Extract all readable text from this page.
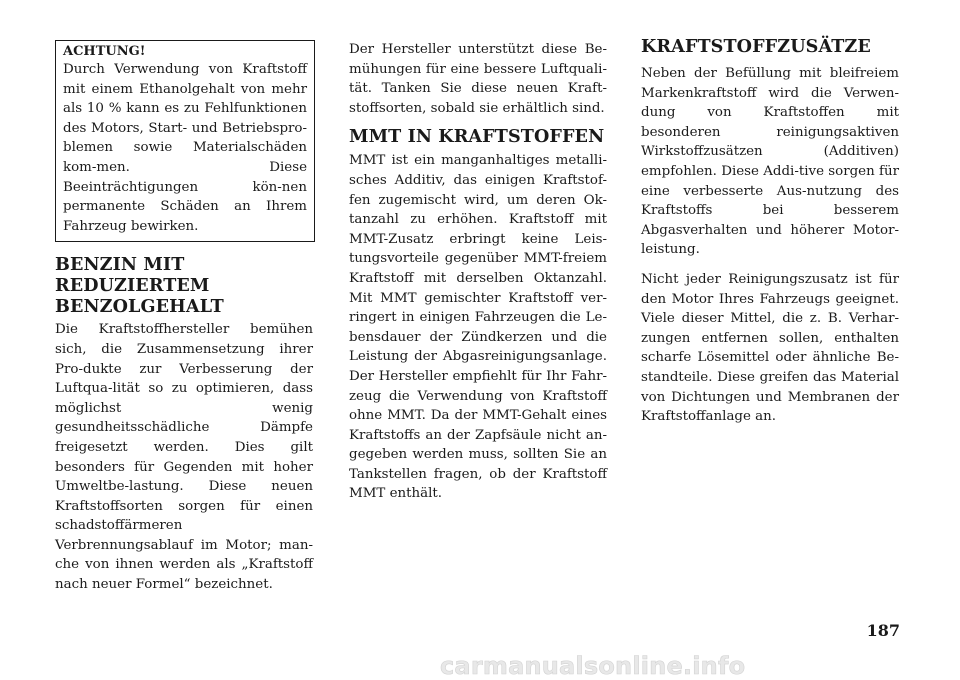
ACHTUNG!
Durch Verwendung von Kraftstoff mit einem Ethanolgehalt von mehr als 10 % kann es zu Fehlfunktionen des Motors, Start- und Betriebspro-blemen sowie Materialschäden kom-men. Diese Beeinträchtigungen kön-nen permanente Schäden an Ihrem Fahrzeug bewirken.
BENZIN MIT REDUZIERTEM BENZOLGEHALT

Die Kraftstoffhersteller bemühen sich, die Zusammensetzung ihrer Pro-dukte zur Verbesserung der Luftqua-lität so zu optimieren, dass möglichst wenig gesundheitsschädliche Dämpfe freigesetzt werden. Dies gilt besonders für Gegenden mit hoher Umweltbe-lastung. Diese neuen Kraftstoffsorten sorgen für einen schadstoffärmeren Verbrennungsablauf im Motor; man-che von ihnen werden als „Kraftstoff nach neuer Formel“ bezeichnet.

Der Hersteller unterstützt diese Be-mühungen für eine bessere Luftquali-tät. Tanken Sie diese neuen Kraft-stoffsorten, sobald sie erhältlich sind.

MMT IN KRAFTSTOFFEN

MMT ist ein manganhaltiges metalli-sches Additiv, das einigen Kraftstof-fen zugemischt wird, um deren Ok-tanzahl zu erhöhen. Kraftstoff mit MMT-Zusatz erbringt keine Leis-tungsvorteile gegenüber MMT-freiem Kraftstoff mit derselben Oktanzahl. Mit MMT gemischter Kraftstoff ver-ringert in einigen Fahrzeugen die Le-bensdauer der Zündkerzen und die Leistung der Abgasreinigungsanlage. Der Hersteller empfiehlt für Ihr Fahr-zeug die Verwendung von Kraftstoff ohne MMT. Da der MMT-Gehalt eines Kraftstoffs an der Zapfsäule nicht an-gegeben werden muss, sollten Sie an Tankstellen fragen, ob der Kraftstoff MMT enthält.

KRAFTSTOFFZUSÄTZE

Neben der Befüllung mit bleifreiem Markenkraftstoff wird die Verwen-dung von Kraftstoffen mit besonderen reinigungsaktiven Wirkstoffzusätzen (Additiven) empfohlen. Diese Addi-tive sorgen für eine verbesserte Aus-nutzung des Kraftstoffs bei besserem Abgasverhalten und höherer Motor-leistung.

Nicht jeder Reinigungszusatz ist für den Motor Ihres Fahrzeugs geeignet. Viele dieser Mittel, die z. B. Verhar-zungen entfernen sollen, enthalten scharfe Lösemittel oder ähnliche Be-standteile. Diese greifen das Material von Dichtungen und Membranen der Kraftstoffanlage an.

187
carmanualsonline.info
